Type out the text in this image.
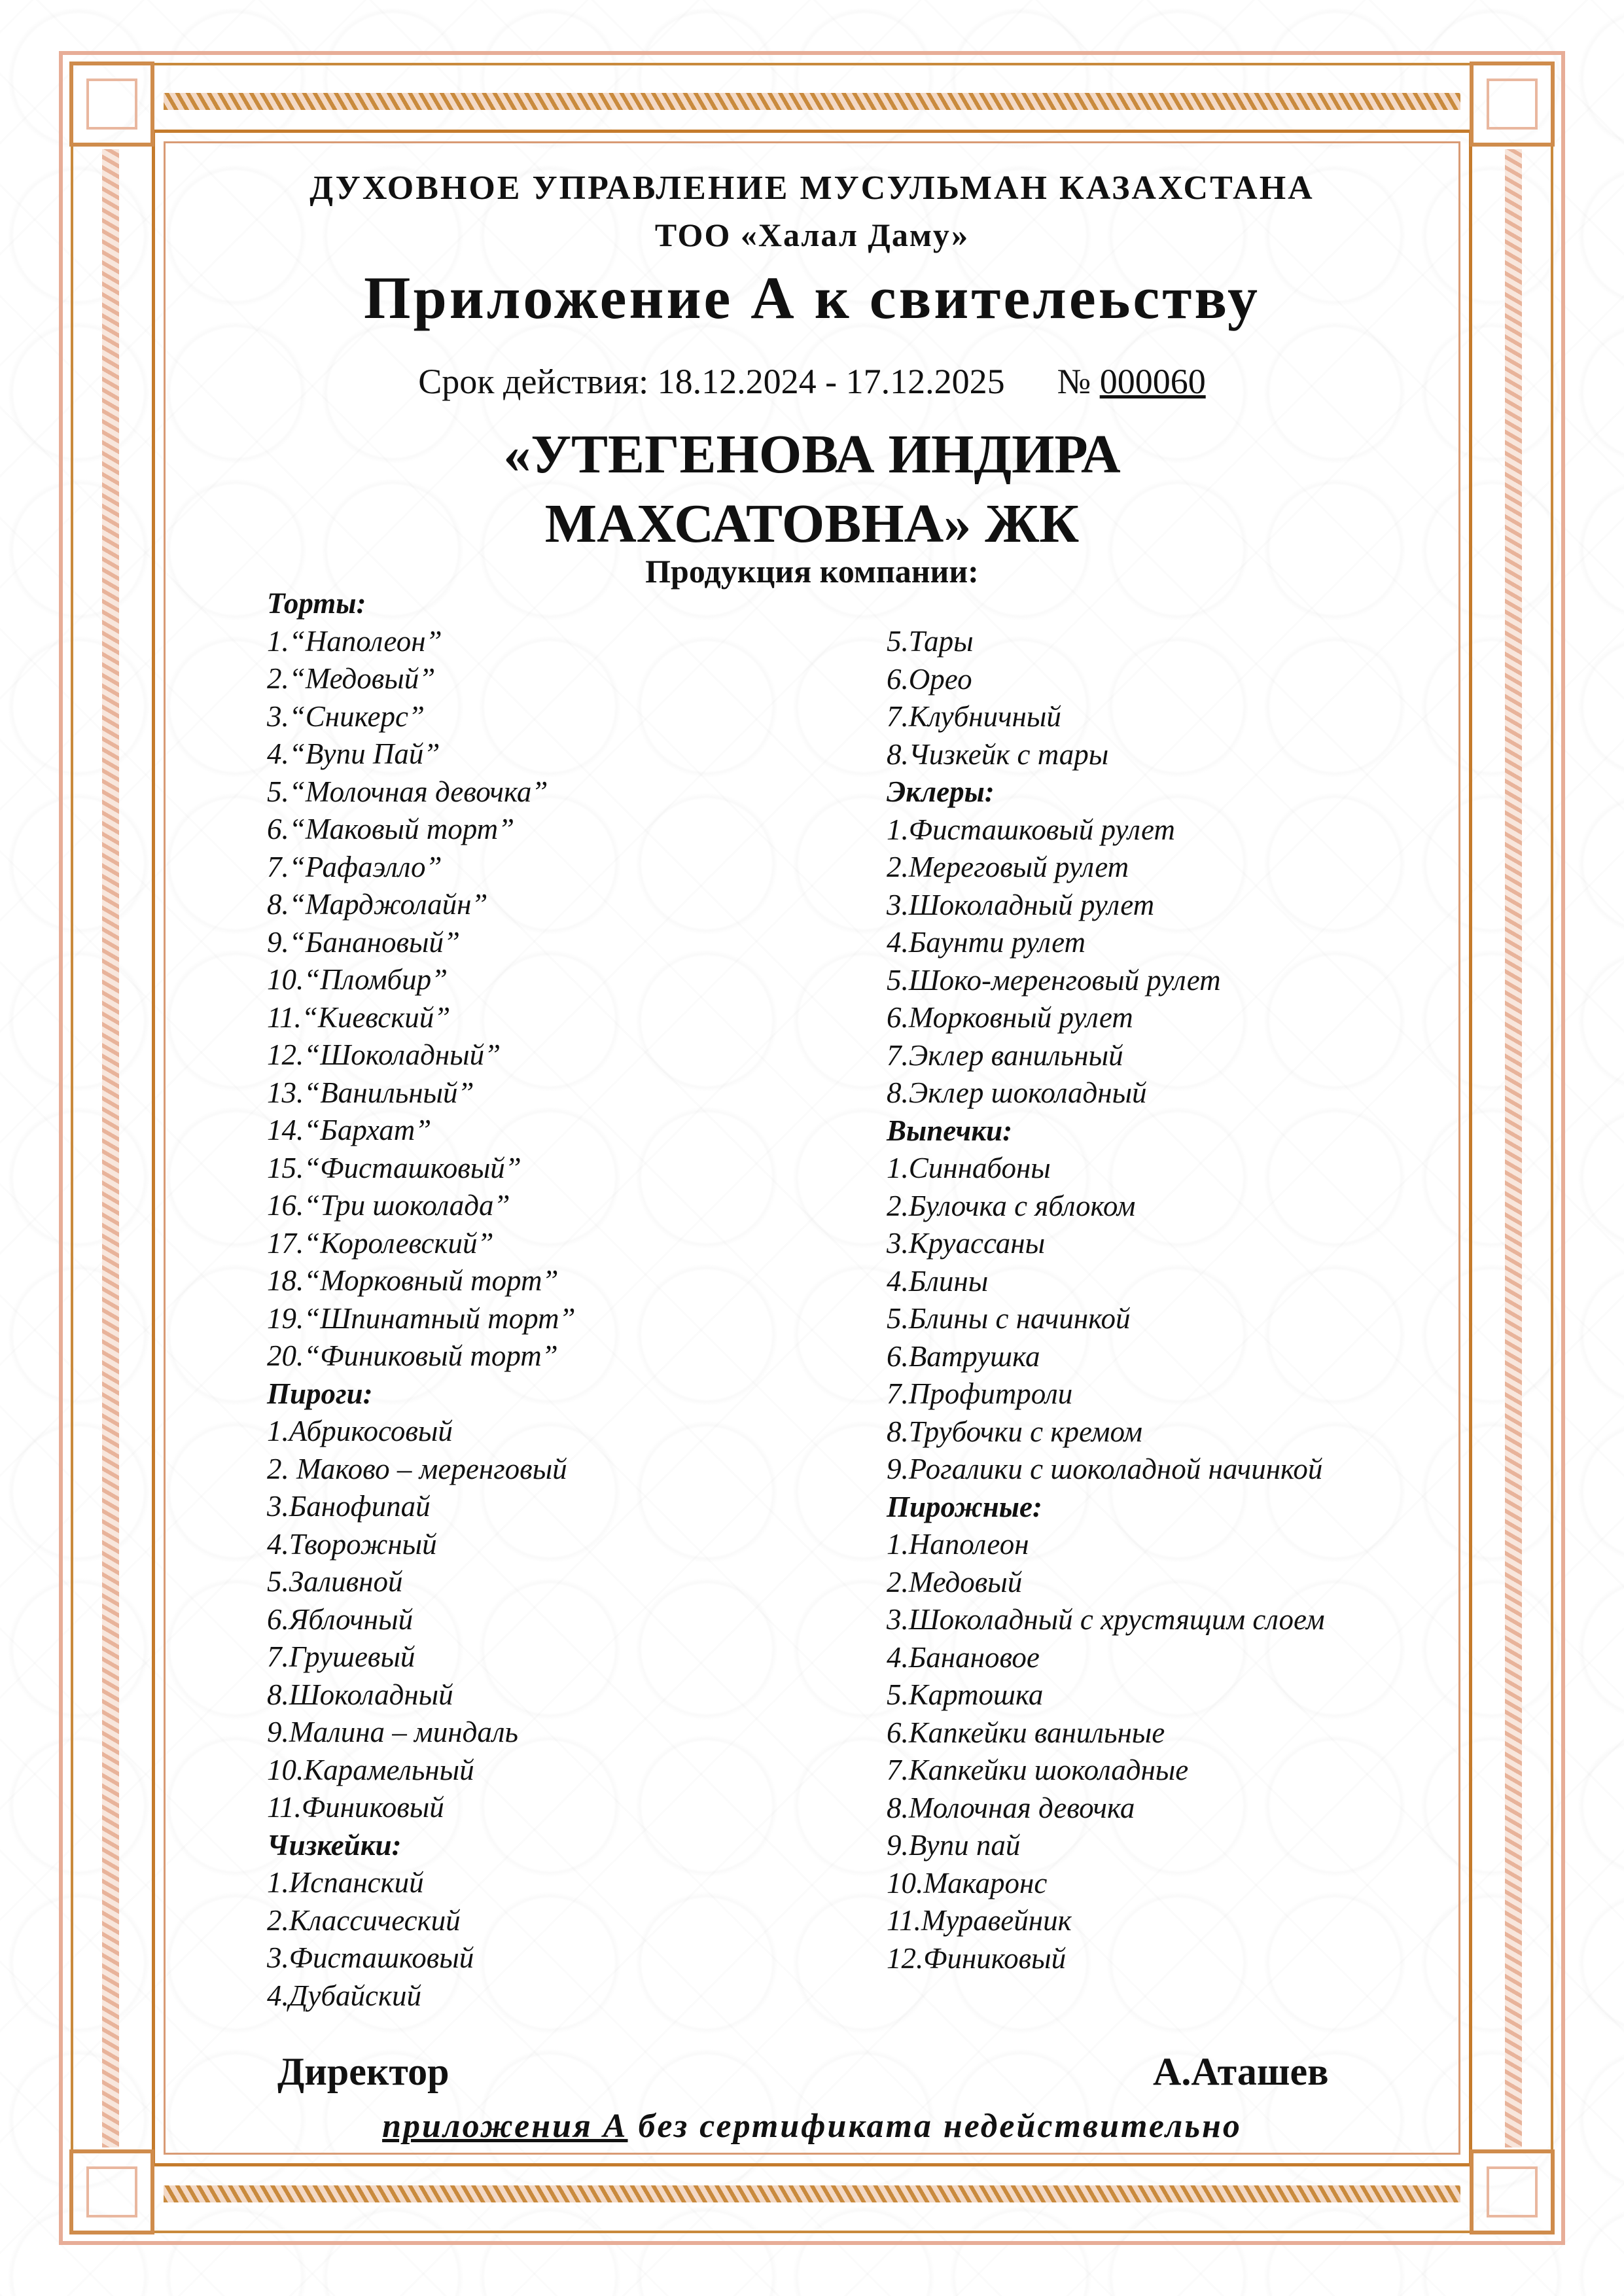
ДУХОВНОЕ УПРАВЛЕНИЕ МУСУЛЬМАН КАЗАХСТАНА
ТОО «Халал Даму»
Приложение А к свителеьству
Срок действия: 18.12.2024 - 17.12.2025 № 000060
«УТЕГЕНОВА ИНДИРА
МАХСАТОВНА» ЖК
Продукция компании:
Торты:
1.“Наполеон”
2.“Медовый”
3.“Сникерс”
4.“Вупи Пай”
5.“Молочная девочка”
6.“Маковый торт”
7.“Рафаэлло”
8.“Марджолайн”
9.“Банановый”
10.“Пломбир”
11.“Киевский”
12.“Шоколадный”
13.“Ванильный”
14.“Бархат”
15.“Фисташковый”
16.“Три шоколада”
17.“Королевский”
18.“Морковный торт”
19.“Шпинатный торт”
20.“Финиковый торт”
Пироги:
1.Абрикосовый
2. Маково – меренговый
3.Банофипай
4.Творожный
5.Заливной
6.Яблочный
7.Грушевый
8.Шоколадный
9.Малина – миндаль
10.Карамельный
11.Финиковый
Чизкейки:
1.Испанский
2.Классический
3.Фисташковый
4.Дубайский
5.Тары
6.Орео
7.Клубничный
8.Чизкейк с тары
Эклеры:
1.Фисташковый рулет
2.Мереговый рулет
3.Шоколадный рулет
4.Баунти рулет
5.Шоко-меренговый рулет
6.Морковный рулет
7.Эклер ванильный
8.Эклер шоколадный
Выпечки:
1.Синнабоны
2.Булочка с яблоком
3.Круассаны
4.Блины
5.Блины с начинкой
6.Ватрушка
7.Профитроли
8.Трубочки с кремом
9.Рогалики с шоколадной начинкой
Пирожные:
1.Наполеон
2.Медовый
3.Шоколадный с хрустящим слоем
4.Банановое
5.Картошка
6.Капкейки ванильные
7.Капкейки шоколадные
8.Молочная девочка
9.Вупи пай
10.Макаронс
11.Муравейник
12.Финиковый
Директор	А.Аташев
приложения А без сертификата недействительно
